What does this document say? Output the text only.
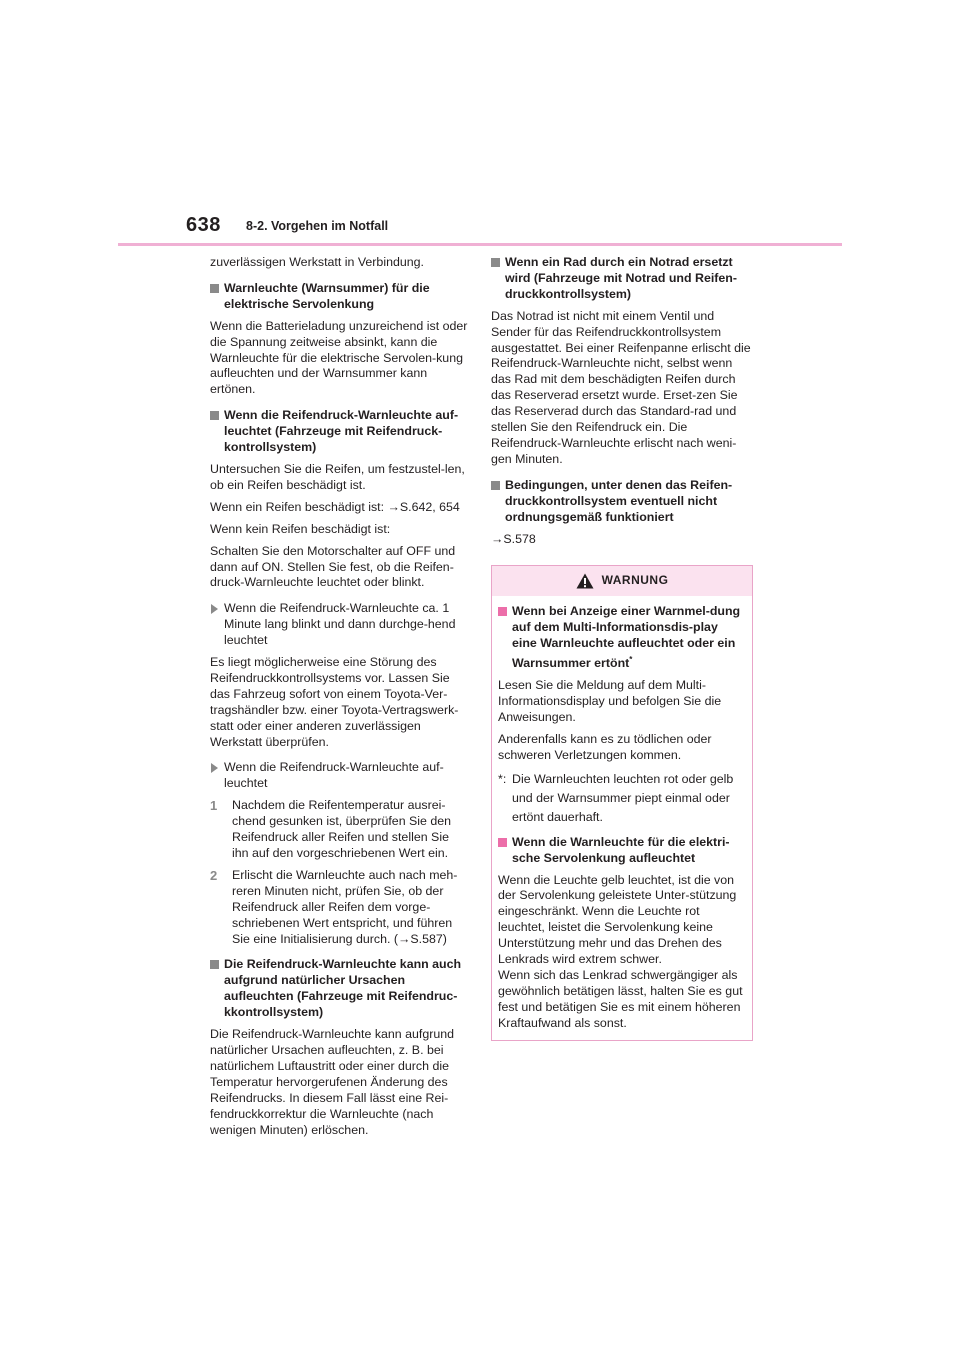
638 8-2. Vorgehen im Notfall

zuverlässigen Werkstatt in Verbindung.

Warnleuchte (Warnsummer) für die elektrische Servolenkung

Wenn die Batterieladung unzureichend ist oder die Spannung zeitweise absinkt, kann die Warnleuchte für die elektrische Servolen-kung aufleuchten und der Warnsummer kann ertönen.

Wenn die Reifendruck-Warnleuchte auf-leuchtet (Fahrzeuge mit Reifendruck-kontrollsystem)

Untersuchen Sie die Reifen, um festzustel-len, ob ein Reifen beschädigt ist.

Wenn ein Reifen beschädigt ist: →S.642, 654

Wenn kein Reifen beschädigt ist:

Schalten Sie den Motorschalter auf OFF und dann auf ON. Stellen Sie fest, ob die Reifen-druck-Warnleuchte leuchtet oder blinkt.

Wenn die Reifendruck-Warnleuchte ca. 1 Minute lang blinkt und dann durchge-hend leuchtet

Es liegt möglicherweise eine Störung des Reifendruckkontrollsystems vor. Lassen Sie das Fahrzeug sofort von einem Toyota-Ver-tragshändler bzw. einer Toyota-Vertragswerk-statt oder einer anderen zuverlässigen Werkstatt überprüfen.

Wenn die Reifendruck-Warnleuchte auf-leuchtet
1 Nachdem die Reifentemperatur ausrei-chend gesunken ist, überprüfen Sie den Reifendruck aller Reifen und stellen Sie ihn auf den vorgeschriebenen Wert ein.
2 Erlischt die Warnleuchte auch nach meh-reren Minuten nicht, prüfen Sie, ob der Reifendruck aller Reifen dem vorge-schriebenen Wert entspricht, und führen Sie eine Initialisierung durch. (→S.587)
Die Reifendruck-Warnleuchte kann auch aufgrund natürlicher Ursachen aufleuchten (Fahrzeuge mit Reifendruc-kkontrollsystem)

Die Reifendruck-Warnleuchte kann aufgrund natürlicher Ursachen aufleuchten, z. B. bei natürlichem Luftaustritt oder einer durch die Temperatur hervorgerufenen Änderung des Reifendrucks. In diesem Fall lässt eine Rei-fendruckkorrektur die Warnleuchte (nach wenigen Minuten) erlöschen.

Wenn ein Rad durch ein Notrad ersetzt wird (Fahrzeuge mit Notrad und Reifen-druckkontrollsystem)

Das Notrad ist nicht mit einem Ventil und Sender für das Reifendruckkontrollsystem ausgestattet. Bei einer Reifenpanne erlischt die Reifendruck-Warnleuchte nicht, selbst wenn das Rad mit dem beschädigten Reifen durch das Reserverad ersetzt wurde. Erset-zen Sie das Reserverad durch das Standard-rad und stellen Sie den Reifendruck ein. Die Reifendruck-Warnleuchte erlischt nach weni-gen Minuten.

Bedingungen, unter denen das Reifen-druckkontrollsystem eventuell nicht ordnungsgemäß funktioniert

→S.578

WARNUNG
Wenn bei Anzeige einer Warnmel-dung auf dem Multi-Informationsdis-play eine Warnleuchte aufleuchtet oder ein Warnsummer ertönt*

Lesen Sie die Meldung auf dem Multi-Informationsdisplay und befolgen Sie die Anweisungen.

Anderenfalls kann es zu tödlichen oder schweren Verletzungen kommen.

*: Die Warnleuchten leuchten rot oder gelb und der Warnsummer piept einmal oder ertönt dauerhaft.
Wenn die Warnleuchte für die elektri-sche Servolenkung aufleuchtet

Wenn die Leuchte gelb leuchtet, ist die von der Servolenkung geleistete Unter-stützung eingeschränkt. Wenn die Leuchte rot leuchtet, leistet die Servolenkung keine Unterstützung mehr und das Drehen des Lenkrads wird extrem schwer.

Wenn sich das Lenkrad schwergängiger als gewöhnlich betätigen lässt, halten Sie es gut fest und betätigen Sie es mit einem höheren Kraftaufwand als sonst.
